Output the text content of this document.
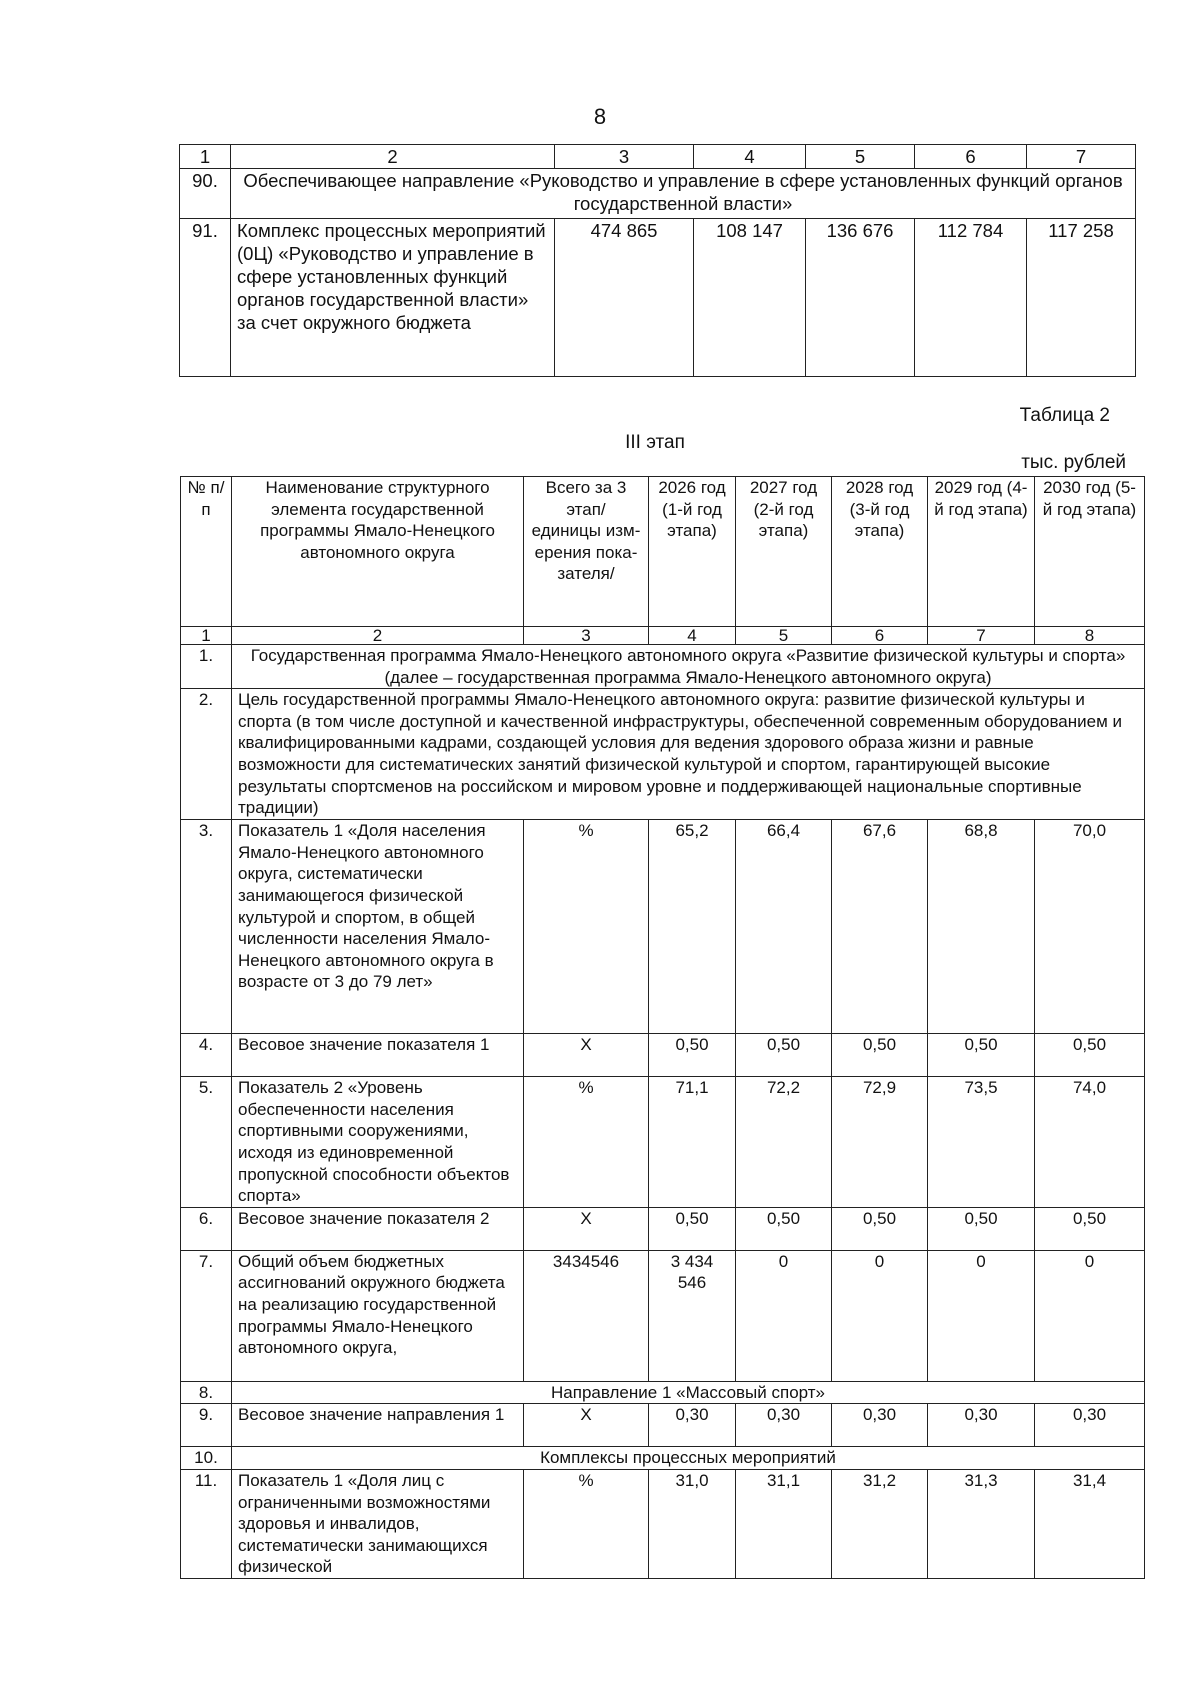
8
1	2	3	4	5	6	7
90.	Обеспечивающее направление «Руководство и управление в сфере установленных функций органов государственной власти»					
91.	Комплекс процессных мероприятий (0Ц) «Руководство и управление в сфере установленных функций органов государственной власти» за счет окружного бюджета	474 865	108 147	136 676	112 784	117 258
Таблица 2
III этап
тыс. рублей
№ п/п	Наименование структурного элемента государственной программы Ямало-Ненецкого автономного округа	Всего за 3 этап/ единицы измерения показателя/	2026 год (1-й год этапа)	2027 год (2-й год этапа)	2028 год (3-й год этапа)	2029 год (4-й год этапа)	2030 год (5-й год этапа)
1	2	3	4	5	6	7	8
1.	Государственная программа Ямало-Ненецкого автономного округа «Развитие физической культуры и спорта» (далее – государственная программа Ямало-Ненецкого автономного округа)						
2.	Цель государственной программы Ямало-Ненецкого автономного округа: развитие физической культуры и спорта (в том числе доступной и качественной инфраструктуры, обеспеченной современным оборудованием и квалифицированными кадрами, создающей условия для ведения здорового образа жизни и равные возможности для систематических занятий физической культурой и спортом, гарантирующей высокие результаты спортсменов на российском и мировом уровне и поддерживающей национальные спортивные традиции)						
3.	Показатель 1 «Доля населения Ямало-Ненецкого автономного округа, систематически занимающегося физической культурой и спортом, в общей численности населения Ямало-Ненецкого автономного округа в возрасте от 3 до 79 лет»	%	65,2	66,4	67,6	68,8	70,0
4.	Весовое значение показателя 1	Х	0,50	0,50	0,50	0,50	0,50
5.	Показатель 2 «Уровень обеспеченности населения спортивными сооружениями, исходя из единовременной пропускной способности объектов спорта»	%	71,1	72,2	72,9	73,5	74,0
6.	Весовое значение показателя 2	Х	0,50	0,50	0,50	0,50	0,50
7.	Общий объем бюджетных ассигнований окружного бюджета на реализацию государственной программы Ямало-Ненецкого автономного округа,	3434546	3 434 546	0	0	0	0
8.	Направление 1 «Массовый спорт»						
9.	Весовое значение направления 1	Х	0,30	0,30	0,30	0,30	0,30
10.	Комплексы процессных мероприятий						
11.	Показатель 1 «Доля лиц с ограниченными возможностями здоровья и инвалидов, систематически занимающихся физической	%	31,0	31,1	31,2	31,3	31,4
